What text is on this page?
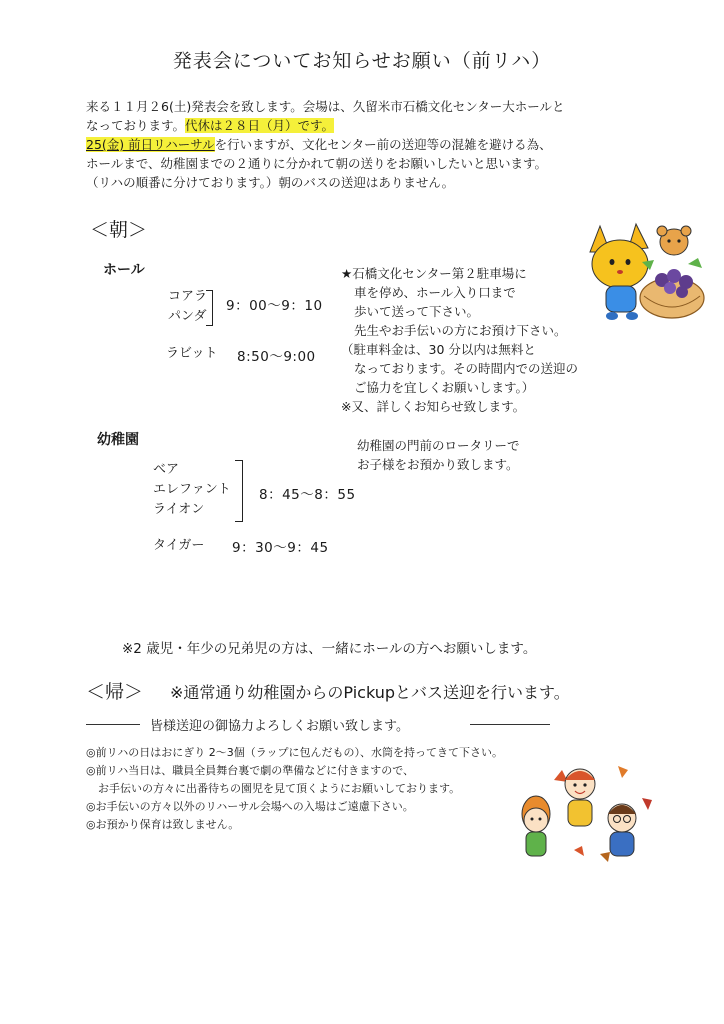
発表会についてお知らせお願い（前リハ）
来る１１月２6(土)発表会を致します。会場は、久留米市石橋文化センター大ホールと
なっております。代休は２８日（月）です。
25(金) 前日リハーサルを行いますが、文化センター前の送迎等の混雑を避ける為、
ホールまで、幼稚園までの２通りに分かれて朝の送りをお願いしたいと思います。
（リハの順番に分けております。）朝のバスの送迎はありません。
＜朝＞
ホール
コアラ
パンダ
9：00～9：10
ラビット 8:50～9:00
★石橋文化センター第２駐車場に
車を停め、ホール入り口まで
歩いて送って下さい。
先生やお手伝いの方にお預け下さい。
（駐車料金は、30 分以内は無料と
なっております。その時間内での送迎の
ご協力を宜しくお願いします。）
※又、詳しくお知らせ致します。
幼稚園	幼稚園の門前のロータリーで
お子様をお預かり致します。
ベア
エレファント
ライオン
8：45～8：55
タイガー 9：30～9：45
※2 歳児・年少の兄弟児の方は、一緒にホールの方へお願いします。
＜帰＞ ※通常通り幼稚園からのPickupとバス送迎を行います。
皆様送迎の御協力よろしくお願い致します。
◎前リハの日はおにぎり 2～3個（ラップに包んだもの）、水筒を持ってきて下さい。
◎前リハ当日は、職員全員舞台裏で劇の準備などに付きますので、
お手伝いの方々に出番待ちの園児を見て頂くようにお願いしております。
◎お手伝いの方々以外のリハーサル会場への入場はご遠慮下さい。
◎お預かり保育は致しません。
